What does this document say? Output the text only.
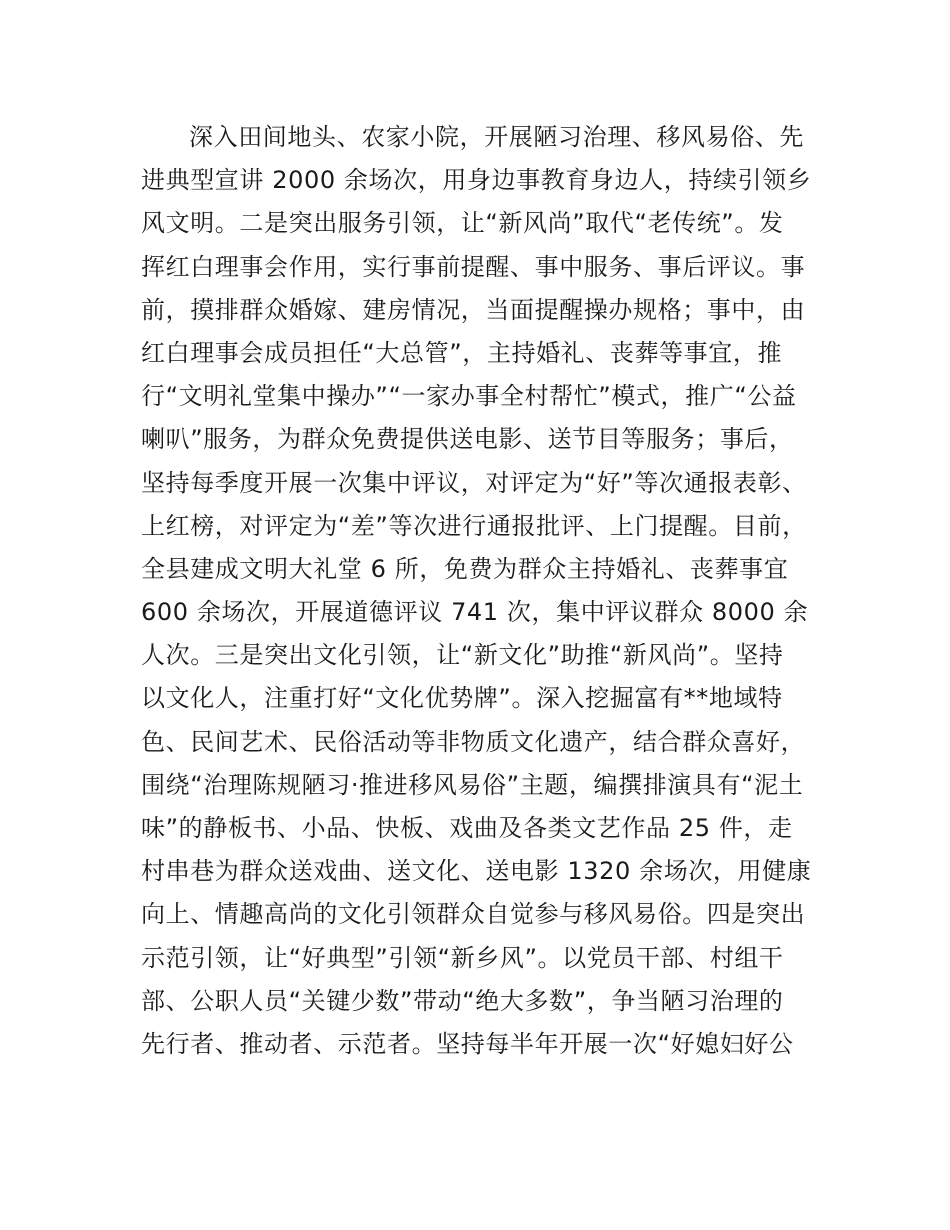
深入田间地头、农家小院，开展陋习治理、移风易俗、先
进典型宣讲 2000 余场次，用身边事教育身边人，持续引领乡
风文明。二是突出服务引领，让“新风尚”取代“老传统”。发
挥红白理事会作用，实行事前提醒、事中服务、事后评议。事
前，摸排群众婚嫁、建房情况，当面提醒操办规格；事中，由
红白理事会成员担任“大总管”，主持婚礼、丧葬等事宜，推
行“文明礼堂集中操办”“一家办事全村帮忙”模式，推广“公益
喇叭”服务，为群众免费提供送电影、送节目等服务；事后，
坚持每季度开展一次集中评议，对评定为“好”等次通报表彰、
上红榜，对评定为“差”等次进行通报批评、上门提醒。目前，
全县建成文明大礼堂 6 所，免费为群众主持婚礼、丧葬事宜
600 余场次，开展道德评议 741 次，集中评议群众 8000 余
人次。三是突出文化引领，让“新文化”助推“新风尚”。坚持
以文化人，注重打好“文化优势牌”。深入挖掘富有**地域特
色、民间艺术、民俗活动等非物质文化遗产，结合群众喜好，
围绕“治理陈规陋习·推进移风易俗”主题，编撰排演具有“泥土
味”的静板书、小品、快板、戏曲及各类文艺作品 25 件，走
村串巷为群众送戏曲、送文化、送电影 1320 余场次，用健康
向上、情趣高尚的文化引领群众自觉参与移风易俗。四是突出
示范引领，让“好典型”引领“新乡风”。以党员干部、村组干
部、公职人员“关键少数”带动“绝大多数”，争当陋习治理的
先行者、推动者、示范者。坚持每半年开展一次“好媳妇好公
